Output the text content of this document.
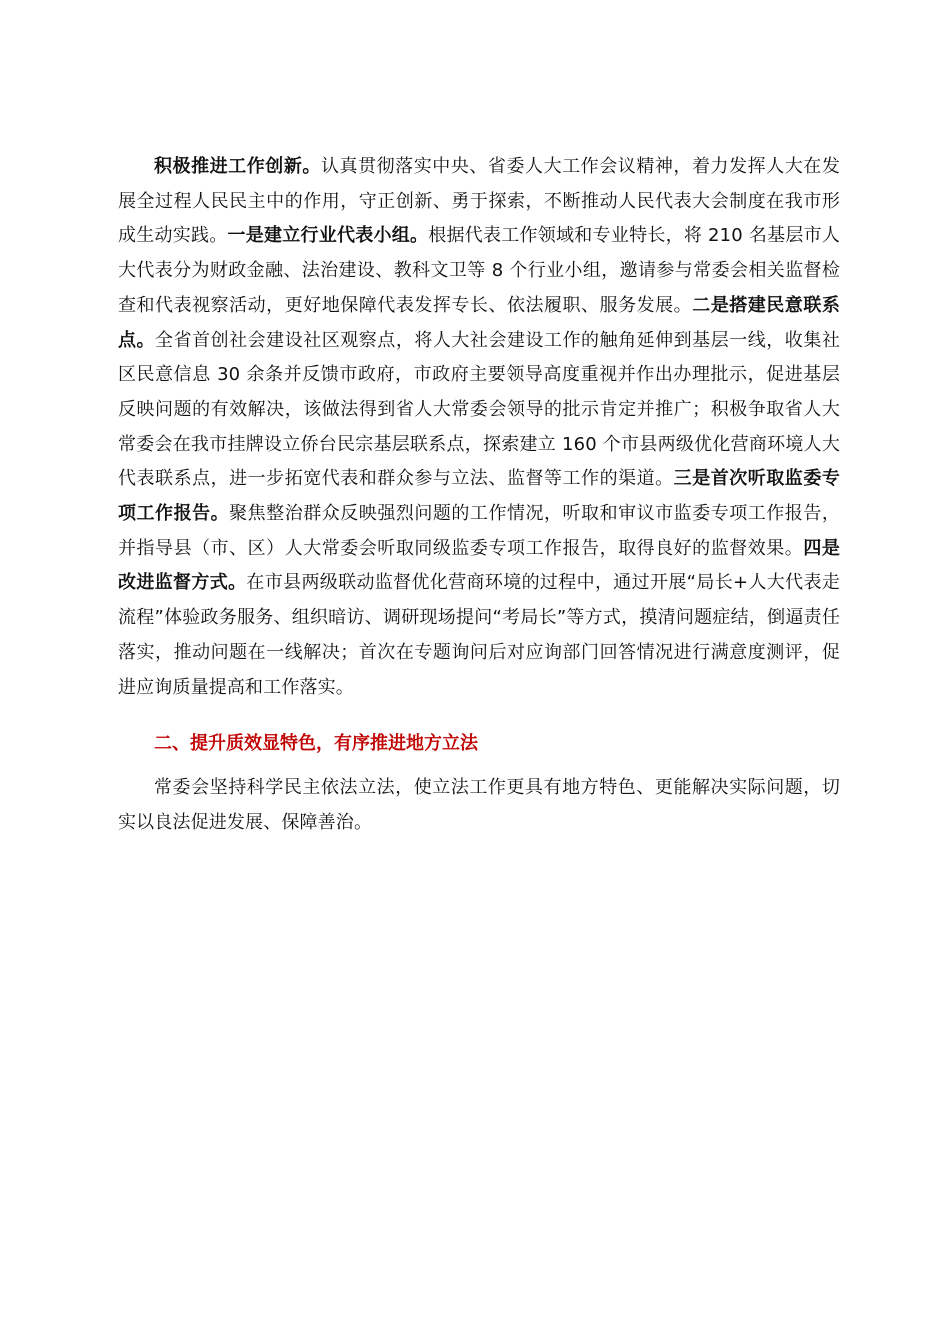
积极推进工作创新。认真贯彻落实中央、省委人大工作会议精神，着力发挥人大在发展全过程人民民主中的作用，守正创新、勇于探索，不断推动人民代表大会制度在我市形成生动实践。一是建立行业代表小组。根据代表工作领域和专业特长，将 210 名基层市人大代表分为财政金融、法治建设、教科文卫等 8 个行业小组，邀请参与常委会相关监督检查和代表视察活动，更好地保障代表发挥专长、依法履职、服务发展。二是搭建民意联系点。全省首创社会建设社区观察点，将人大社会建设工作的触角延伸到基层一线，收集社区民意信息 30 余条并反馈市政府，市政府主要领导高度重视并作出办理批示，促进基层反映问题的有效解决，该做法得到省人大常委会领导的批示肯定并推广；积极争取省人大常委会在我市挂牌设立侨台民宗基层联系点，探索建立 160 个市县两级优化营商环境人大代表联系点，进一步拓宽代表和群众参与立法、监督等工作的渠道。三是首次听取监委专项工作报告。聚焦整治群众反映强烈问题的工作情况，听取和审议市监委专项工作报告，并指导县（市、区）人大常委会听取同级监委专项工作报告，取得良好的监督效果。四是改进监督方式。在市县两级联动监督优化营商环境的过程中，通过开展“局长+人大代表走流程”体验政务服务、组织暗访、调研现场提问“考局长”等方式，摸清问题症结，倒逼责任落实，推动问题在一线解决；首次在专题询问后对应询部门回答情况进行满意度测评，促进应询质量提高和工作落实。

二、提升质效显特色，有序推进地方立法

常委会坚持科学民主依法立法，使立法工作更具有地方特色、更能解决实际问题，切实以良法促进发展、保障善治。
